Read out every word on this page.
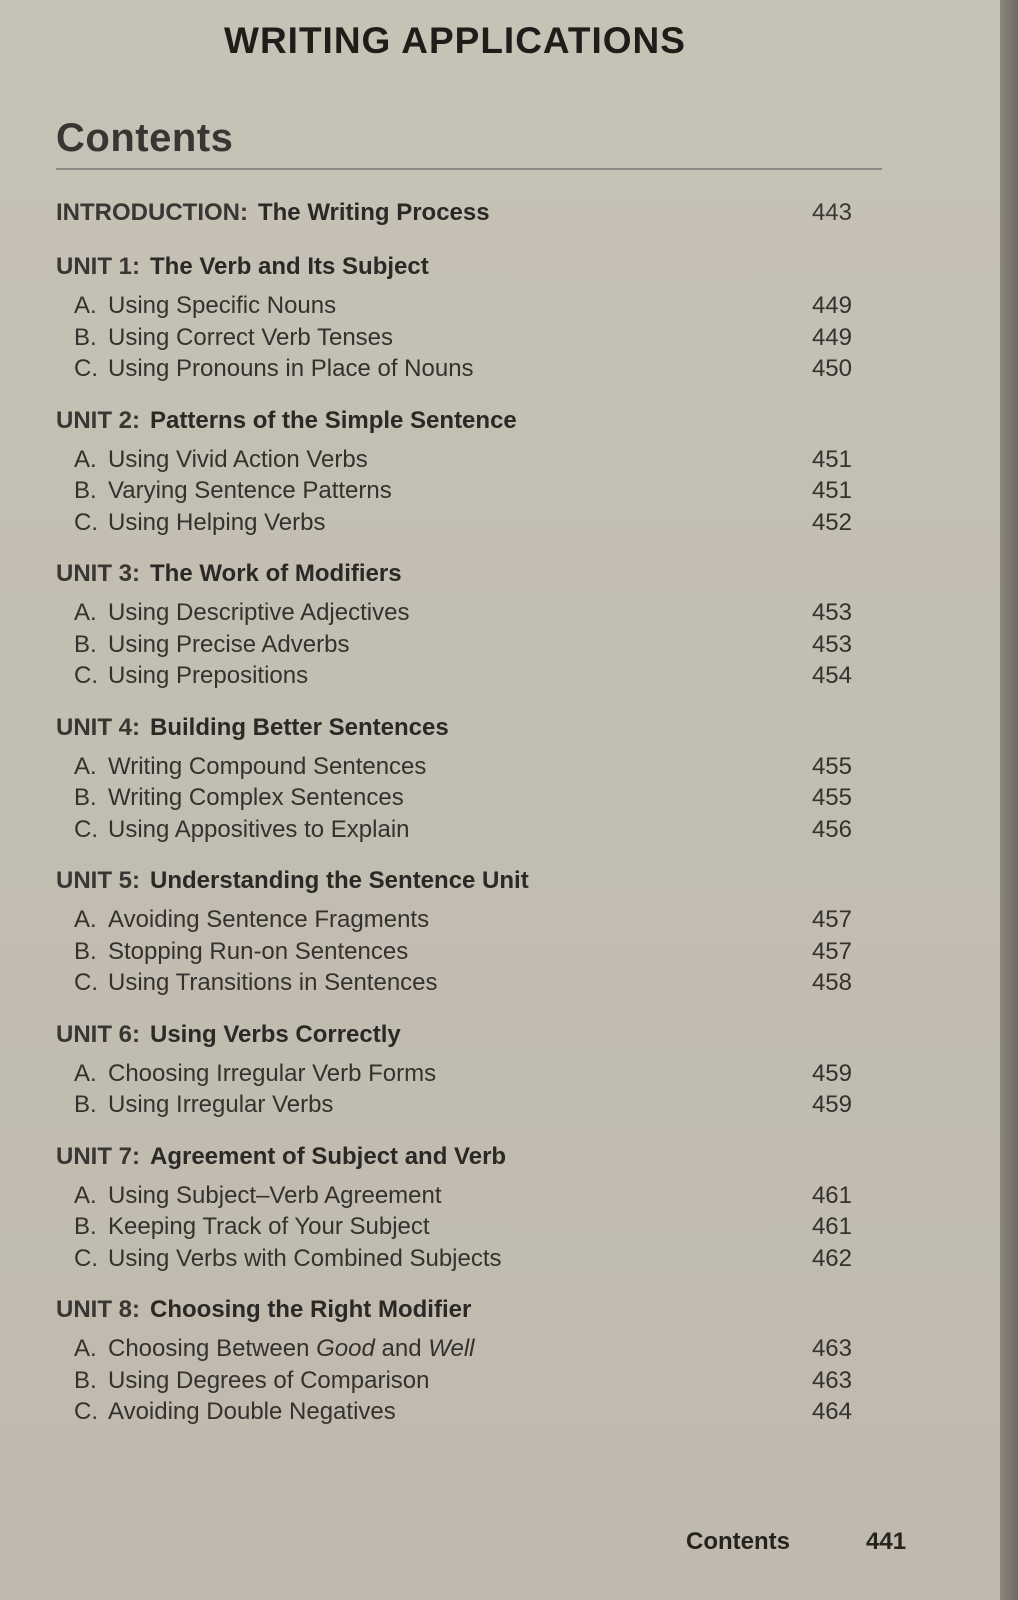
WRITING APPLICATIONS
Contents
INTRODUCTION: The Writing Process	443
UNIT 1: The Verb and Its Subject
A. Using Specific Nouns	449
B. Using Correct Verb Tenses	449
C. Using Pronouns in Place of Nouns	450
UNIT 2: Patterns of the Simple Sentence
A. Using Vivid Action Verbs	451
B. Varying Sentence Patterns	451
C. Using Helping Verbs	452
UNIT 3: The Work of Modifiers
A. Using Descriptive Adjectives	453
B. Using Precise Adverbs	453
C. Using Prepositions	454
UNIT 4: Building Better Sentences
A. Writing Compound Sentences	455
B. Writing Complex Sentences	455
C. Using Appositives to Explain	456
UNIT 5: Understanding the Sentence Unit
A. Avoiding Sentence Fragments	457
B. Stopping Run-on Sentences	457
C. Using Transitions in Sentences	458
UNIT 6: Using Verbs Correctly
A. Choosing Irregular Verb Forms	459
B. Using Irregular Verbs	459
UNIT 7: Agreement of Subject and Verb
A. Using Subject–Verb Agreement	461
B. Keeping Track of Your Subject	461
C. Using Verbs with Combined Subjects	462
UNIT 8: Choosing the Right Modifier
A. Choosing Between Good and Well	463
B. Using Degrees of Comparison	463
C. Avoiding Double Negatives	464
Contents	441
